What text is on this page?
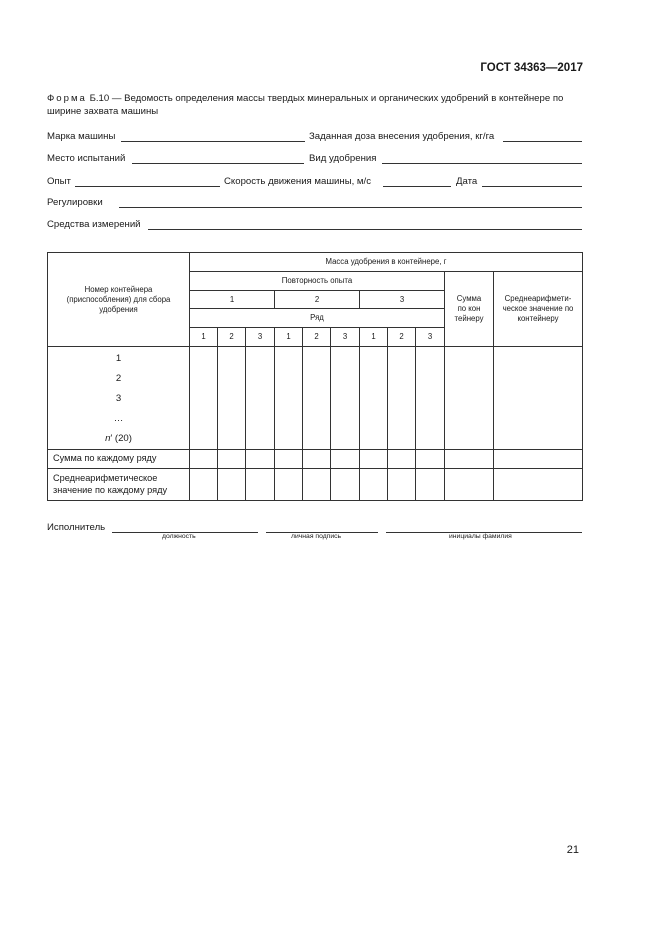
ГОСТ 34363—2017
Форма Б.10 — Ведомость определения массы твердых минеральных и органических удобрений в контейнере по ширине захвата машины
Марка машины	Заданная доза внесения удобрения, кг/га
Место испытаний	Вид удобрения
Опыт	Скорость движения машины, м/с	Дата
Регулировки
Средства измерений
Номер контейнера (приспособления) для сбора удобрения	Масса удобрения в контейнере, г										
	Повторность опыта									Сумма по кон тейнеру	Среднеарифмети-ческое значение по контейнеру
	1			2			3				
	Ряд										
	1	2	3	1	2	3	1	2	3		

1
2
3
…
n′ (20)											

Сумма по каждому ряду											
Среднеарифметическое значение по каждому ряду											
Исполнитель
должность	личная подпись	инициалы фамилия
21
